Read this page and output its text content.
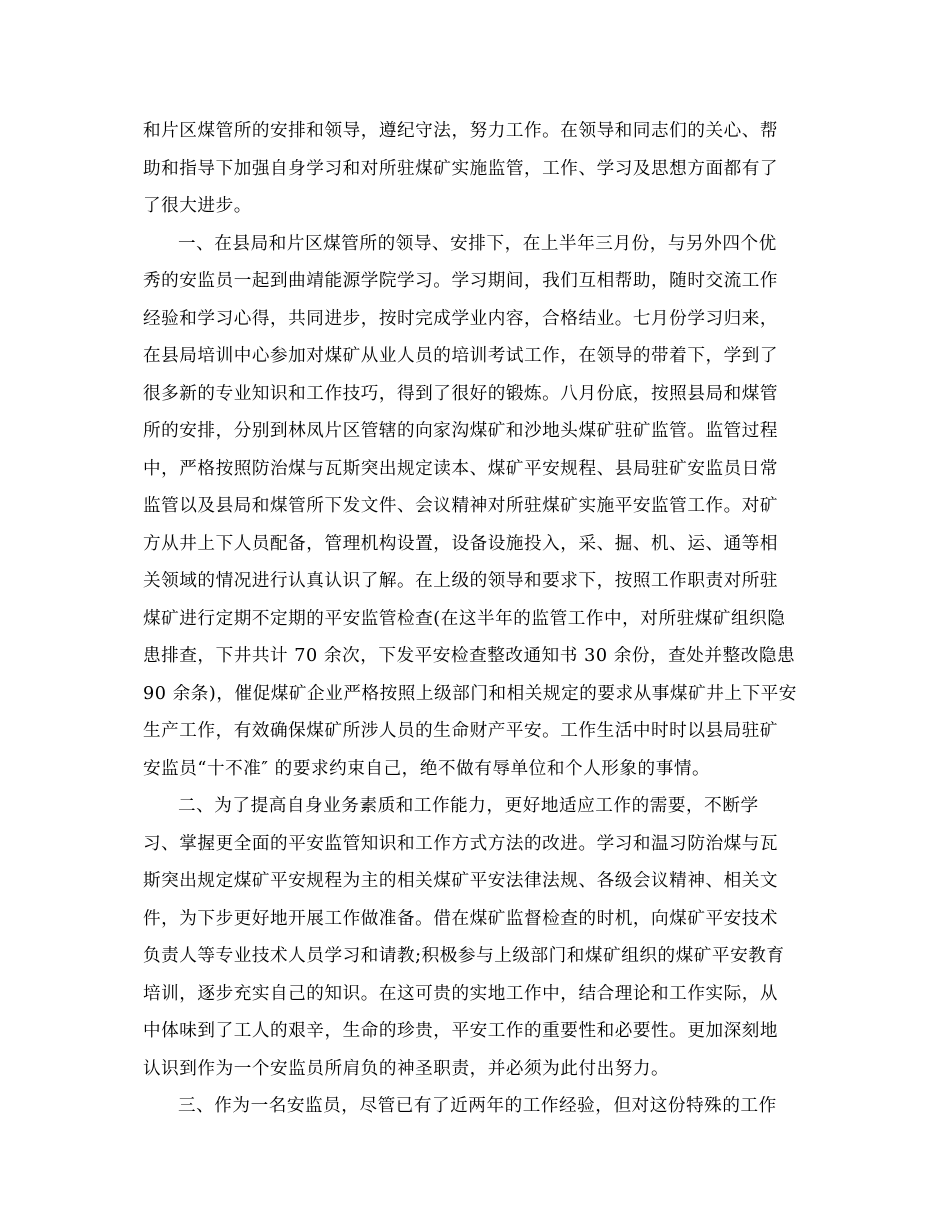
和片区煤管所的安排和领导，遵纪守法，努力工作。在领导和同志们的关心、帮
助和指导下加强自身学习和对所驻煤矿实施监管，工作、学习及思想方面都有了
了很大进步。
一、在县局和片区煤管所的领导、安排下，在上半年三月份，与另外四个优
秀的安监员一起到曲靖能源学院学习。学习期间，我们互相帮助，随时交流工作
经验和学习心得，共同进步，按时完成学业内容，合格结业。七月份学习归来，
在县局培训中心参加对煤矿从业人员的培训考试工作，在领导的带着下，学到了
很多新的专业知识和工作技巧，得到了很好的锻炼。八月份底，按照县局和煤管
所的安排，分别到林凤片区管辖的向家沟煤矿和沙地头煤矿驻矿监管。监管过程
中，严格按照防治煤与瓦斯突出规定读本、煤矿平安规程、县局驻矿安监员日常
监管以及县局和煤管所下发文件、会议精神对所驻煤矿实施平安监管工作。对矿
方从井上下人员配备，管理机构设置，设备设施投入，采、掘、机、运、通等相
关领域的情况进行认真认识了解。在上级的领导和要求下，按照工作职责对所驻
煤矿进行定期不定期的平安监管检查(在这半年的监管工作中，对所驻煤矿组织隐
患排查，下井共计 70 余次，下发平安检查整改通知书 30 余份，查处并整改隐患
90 余条)，催促煤矿企业严格按照上级部门和相关规定的要求从事煤矿井上下平安
生产工作，有效确保煤矿所涉人员的生命财产平安。工作生活中时时以县局驻矿
安监员“十不准″ 的要求约束自己，绝不做有辱单位和个人形象的事情。
二、为了提高自身业务素质和工作能力，更好地适应工作的需要，不断学
习、掌握更全面的平安监管知识和工作方式方法的改进。学习和温习防治煤与瓦
斯突出规定煤矿平安规程为主的相关煤矿平安法律法规、各级会议精神、相关文
件，为下步更好地开展工作做准备。借在煤矿监督检查的时机，向煤矿平安技术
负责人等专业技术人员学习和请教;积极参与上级部门和煤矿组织的煤矿平安教育
培训，逐步充实自己的知识。在这可贵的实地工作中，结合理论和工作实际，从
中体味到了工人的艰辛，生命的珍贵，平安工作的重要性和必要性。更加深刻地
认识到作为一个安监员所肩负的神圣职责，并必须为此付出努力。
三、作为一名安监员，尽管已有了近两年的工作经验，但对这份特殊的工作
